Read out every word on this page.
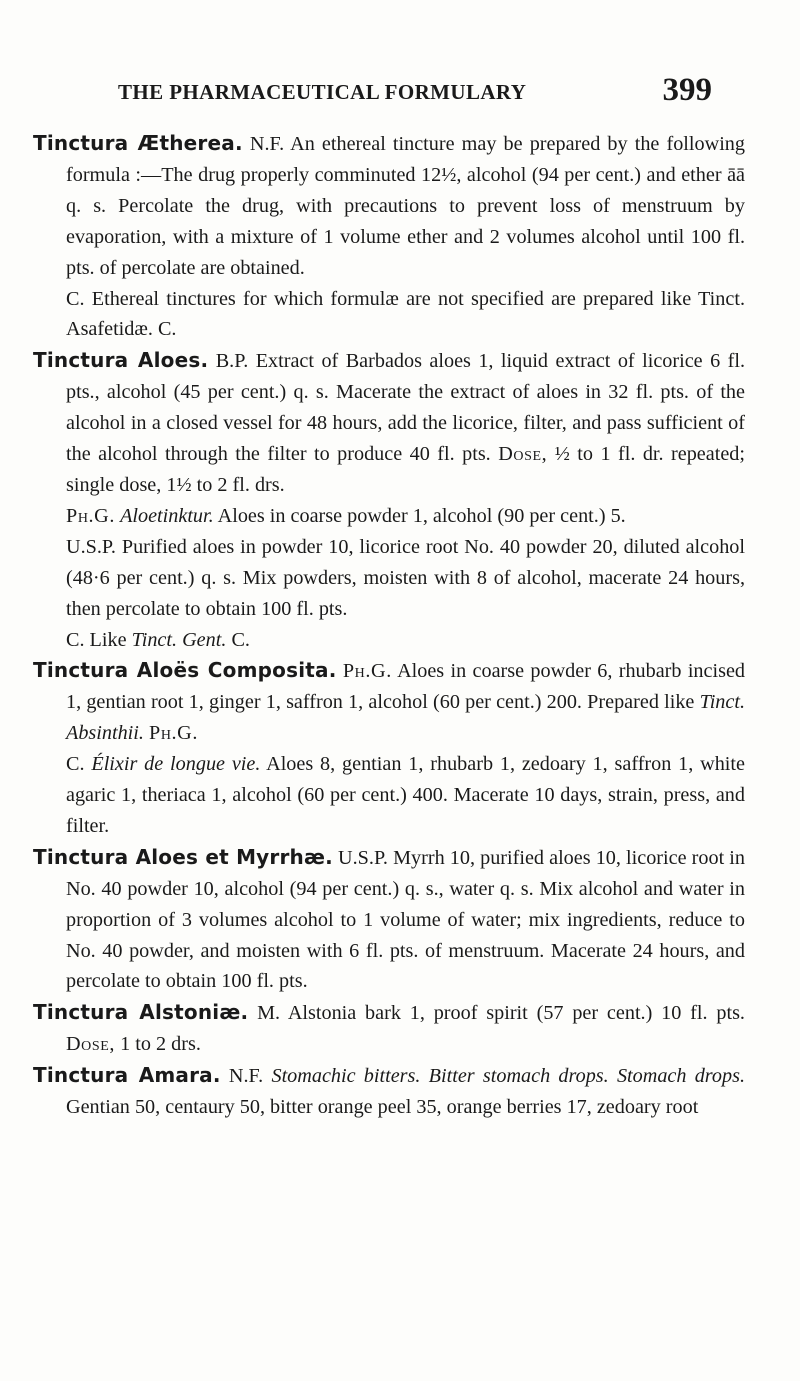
THE PHARMACEUTICAL FORMULARY	399

Tinctura Ætherea. N.F. An ethereal tincture may be prepared by the following formula :—The drug properly comminuted 12½, alcohol (94 per cent.) and ether āā q. s. Percolate the drug, with precautions to prevent loss of menstruum by evaporation, with a mixture of 1 volume ether and 2 volumes alcohol until 100 fl. pts. of percolate are obtained.

C. Ethereal tinctures for which formulæ are not specified are prepared like Tinct. Asafetidæ. C.

Tinctura Aloes. B.P. Extract of Barbados aloes 1, liquid extract of licorice 6 fl. pts., alcohol (45 per cent.) q. s. Macerate the extract of aloes in 32 fl. pts. of the alcohol in a closed vessel for 48 hours, add the licorice, filter, and pass sufficient of the alcohol through the filter to produce 40 fl. pts. Dose, ½ to 1 fl. dr. repeated; single dose, 1½ to 2 fl. drs.

Ph.G. Aloetinktur. Aloes in coarse powder 1, alcohol (90 per cent.) 5.

U.S.P. Purified aloes in powder 10, licorice root No. 40 powder 20, diluted alcohol (48·6 per cent.) q. s. Mix powders, moisten with 8 of alcohol, macerate 24 hours, then percolate to obtain 100 fl. pts.

C. Like Tinct. Gent. C.

Tinctura Aloës Composita. Ph.G. Aloes in coarse powder 6, rhubarb incised 1, gentian root 1, ginger 1, saffron 1, alcohol (60 per cent.) 200. Prepared like Tinct. Absinthii. Ph.G.

C. Élixir de longue vie. Aloes 8, gentian 1, rhubarb 1, zedoary 1, saffron 1, white agaric 1, theriaca 1, alcohol (60 per cent.) 400. Macerate 10 days, strain, press, and filter.

Tinctura Aloes et Myrrhæ. U.S.P. Myrrh 10, purified aloes 10, licorice root in No. 40 powder 10, alcohol (94 per cent.) q. s., water q. s. Mix alcohol and water in proportion of 3 volumes alcohol to 1 volume of water; mix ingredients, reduce to No. 40 powder, and moisten with 6 fl. pts. of menstruum. Macerate 24 hours, and percolate to obtain 100 fl. pts.

Tinctura Alstoniæ. M. Alstonia bark 1, proof spirit (57 per cent.) 10 fl. pts. Dose, 1 to 2 drs.

Tinctura Amara. N.F. Stomachic bitters. Bitter stomach drops. Stomach drops. Gentian 50, centaury 50, bitter orange peel 35, orange berries 17, zedoary root
